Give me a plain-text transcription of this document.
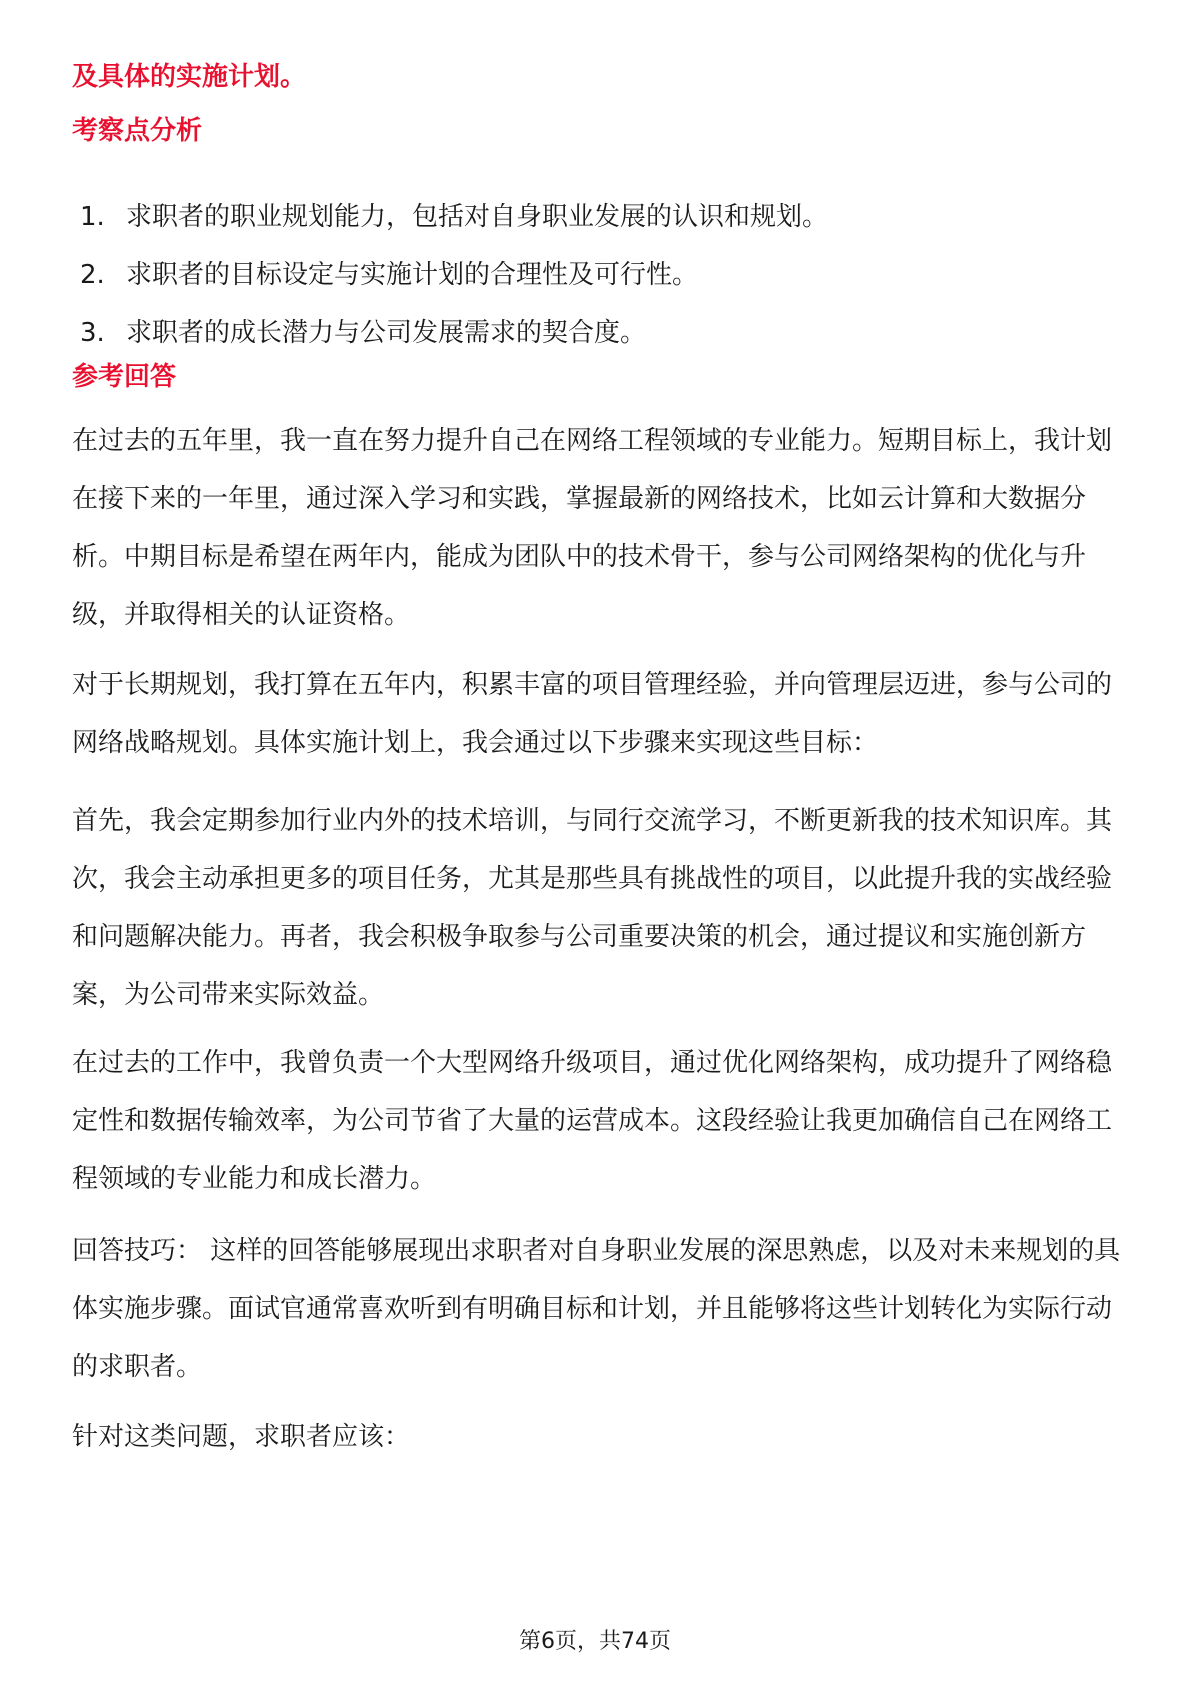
及具体的实施计划。
考察点分析
1. 求职者的职业规划能力，包括对自身职业发展的认识和规划。
2. 求职者的目标设定与实施计划的合理性及可行性。
3. 求职者的成长潜力与公司发展需求的契合度。
参考回答

在过去的五年里，我一直在努力提升自己在网络工程领域的专业能力。短期目标上，我计划在接下来的一年里，通过深入学习和实践，掌握最新的网络技术，比如云计算和大数据分析。中期目标是希望在两年内，能成为团队中的技术骨干，参与公司网络架构的优化与升级，并取得相关的认证资格。

对于长期规划，我打算在五年内，积累丰富的项目管理经验，并向管理层迈进，参与公司的网络战略规划。具体实施计划上，我会通过以下步骤来实现这些目标：

首先，我会定期参加行业内外的技术培训，与同行交流学习，不断更新我的技术知识库。其次，我会主动承担更多的项目任务，尤其是那些具有挑战性的项目，以此提升我的实战经验和问题解决能力。再者，我会积极争取参与公司重要决策的机会，通过提议和实施创新方案，为公司带来实际效益。

在过去的工作中，我曾负责一个大型网络升级项目，通过优化网络架构，成功提升了网络稳定性和数据传输效率，为公司节省了大量的运营成本。这段经验让我更加确信自己在网络工程领域的专业能力和成长潜力。

回答技巧： 这样的回答能够展现出求职者对自身职业发展的深思熟虑，以及对未来规划的具体实施步骤。面试官通常喜欢听到有明确目标和计划，并且能够将这些计划转化为实际行动的求职者。

针对这类问题，求职者应该：

第6页，共74页
